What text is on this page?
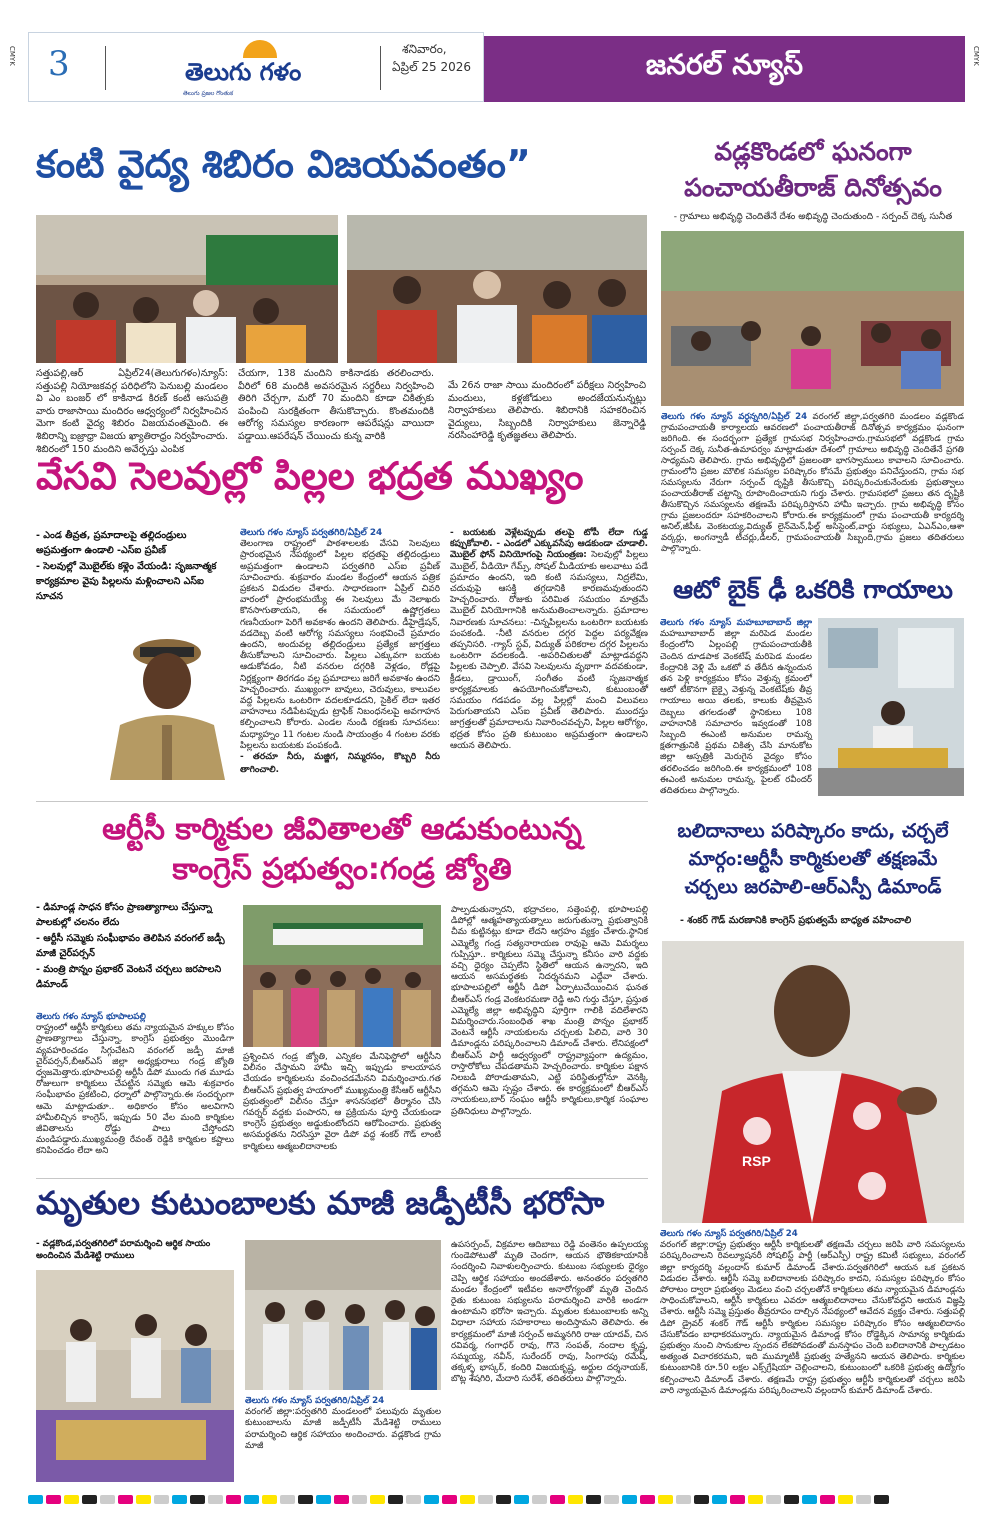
CMYK	CMYK
3	తెలుగు గళం
తెలుగు ప్రజల గొంతుక
శనివారం,
ఏప్రిల్ 25 2026	జనరల్ న్యూస్
కంటి వైద్య శిబిరం విజయవంతం”
సత్తుపల్లి,ఆర్ ఏప్రిల్24(తెలుగుగళం)న్యూస్: సత్తుపల్లి నియోజకవర్గ పరిధిలోని పెనుబల్లి మండలం వి ఎం బంజర్ లో కాకినాడ కిరణ్ కంటి ఆసుపత్రి వారు రాజాసాయి మందిరం ఆధ్వర్యంలో నిర్వహించిన మెగా కంటి వైద్య శిబిరం విజయవంతమైంది. ఈ శిబిరాన్ని ఐజ్రాధ్రా విజయ ఖ్యాతిరాధ్రం నిర్వహించారు. శిబిరంలో 150 మందిని అవేర్ఫస్తు ఎంపిక
చేయగా, 138 మందిని కాకినాడకు తరలించారు. వీరిలో 68 మందికి అవసరమైన సర్జరీలు నిర్వహించి తిరిగి చేర్చగా, మరో 70 మందిని కూడా చికిత్సకు పంపించి సురక్షితంగా తీసుకొచ్చారు. కొంతమందికి ఆరోగ్య సమస్యల కారణంగా ఆపరేషన్లు వాయిదా పడ్డాయి.ఆపరేషన్ చేయించు కున్న వారికి
మే 26న రాజా సాయి మందిరంలో పరీక్షలు నిర్వహించి మందులు, కళ్లజోడులు అందజేయనున్నట్లు నిర్వాహకులు తెలిపారు. శిబిరానికి సహకరించిన వైద్యులు, సిబ్బందికి నిర్వాహకులు జెన్నారెడ్డి నరసింహారెడ్డి కృతజ్ఞతలు తెలిపారు.
వడ్లకొండలో ఘనంగా
పంచాయతీరాజ్ దినోత్సవం
- గ్రామాలు అభివృద్ధి చెందితేనే దేశం అభివృద్ధి చెందుతుంది - సర్పంచ్ దెక్క సునీత
తెలుగు గళం న్యూస్ వర్ధన్నగిరి/ఏప్రిల్ 24 వరంగల్ జిల్లా,పర్వతగిరి మండలం వడ్లకొండ గ్రామపంచాయతీ కార్యాలయ ఆవరణలో పంచాయతీరాజ్ దినోత్సవ కార్యక్రమం ఘనంగా జరిగింది. ఈ సందర్భంగా ప్రత్యేక గ్రామసభ నిర్వహించారు.గ్రామసభలో వడ్లకొండ గ్రామ సర్పంచ్ దెక్క సునీత-ఉమాపర్వం మాట్లాడుతూ దేశంలో గ్రామాలు అభివృద్ధి చెందితేనే ప్రగతి సాధ్యమని తెలిపారు. గ్రామ అభివృద్ధిలో ప్రజలంతా భాగస్వాములు కావాలని సూచించారు. గ్రామంలోని ప్రజల మౌలిక సమస్యల పరిష్కారం కోసమే ప్రభుత్వం పనిచేస్తుందని, గ్రామ సభ సమస్యలను నేరుగా సర్పంచ్ దృష్టికి తీసుకొచ్చి పరిష్కరించుకునేందుకు ప్రభుత్వాలు పంచాయతీరాజ్ చట్టాన్ని రూపొందించాయని గుర్తు చేశారు. గ్రామసభలో ప్రజలు తన దృష్టికి తీసుకొచ్చిన సమస్యలను తక్షణమే పరిష్కరిస్తానని హామీ ఇచ్చారు. గ్రామ అభివృద్ధి కోసం గ్రామ ప్రజలందరూ సహకరించాలని కోరారు.ఈ కార్యక్రమంలో గ్రామ పంచాయతీ కార్యదర్శి అనిల్,జీపీఓ వెంకటయ్య,విద్యుత్ లైన్‌మెన్,ఫీల్డ్ అసిస్టెంట్,వార్డు సభ్యులు, ఏఎన్ఎం,ఆశా వర్కర్లు, అంగన్వాడీ టీచర్లు,డీలర్, గ్రామపంచాయతీ సిబ్బంది,గ్రామ ప్రజలు తదితరులు పాల్గొన్నారు.
వేసవి సెలవుల్లో పిల్లల భద్రత ముఖ్యం
- ఎండ తీవ్రత, ప్రమాదాలపై తల్లిదండ్రులు అప్రమత్తంగా ఉండాలి -ఎస్ఐ ప్రవీణ్
- సెలవుల్లో మొబైల్‌కు కళ్లెం వేయండి: సృజనాత్మక కార్యక్రమాల వైపు పిల్లలను మళ్లించాలని ఎస్ఐ సూచన
తెలుగు గళం న్యూస్ పర్వతగిరి/ఏప్రిల్ 24
తెలంగాణ రాష్ట్రంలో పాఠశాలలకు వేసవి సెలవులు ప్రారంభమైన నేపథ్యంలో పిల్లల భద్రతపై తల్లిదండ్రులు అప్రమత్తంగా ఉండాలని పర్వతగిరి ఎస్ఐ ప్రవీణ్ సూచించారు. శుక్రవారం మండల కేంద్రంలో ఆయన పత్రిక ప్రకటన విడుదల చేశారు. సాధారణంగా ఏప్రిల్ చివరి వారంలో ప్రారంభమయ్యే ఈ సెలవులు మే నెలాఖరు కొనసాగుతాయని, ఈ సమయంలో ఉష్ణోగ్రతలు గణనీయంగా పెరిగే అవకాశం ఉందని తెలిపారు. డీహైడ్రేషన్, వడదెబ్బ వంటి ఆరోగ్య సమస్యలు సంభవించే ప్రమాదం ఉందని, అందువల్ల తల్లిదండ్రులు ప్రత్యేక జాగ్రత్తలు తీసుకోవాలని సూచించారు. పిల్లలు ఎక్కువగా బయట ఆడుకోవడం, నీటి వనరుల దగ్గరికి వెళ్లడం, రోడ్లపై నిర్లక్ష్యంగా తిరగడం వల్ల ప్రమాదాలు జరిగే అవకాశం ఉందని హెచ్చరించారు. ముఖ్యంగా బావులు, చెరువులు, కాలువల వద్ద పిల్లలను ఒంటరిగా వదలకూడదని, సైకిల్ లేదా ఇతర వాహనాలు నడిపేటప్పుడు ట్రాఫిక్ నిబంధనలపై అవగాహన కల్పించాలని కోరారు. ఎండల నుండి రక్షణకు సూచనలు: మధ్యాహ్నం 11 గంటల నుండి సాయంత్రం 4 గంటల వరకు పిల్లలను బయటకు పంపకండి.
- తరచూ నీరు, మజ్జిగ, నిమ్మరసం, కొబ్బరి నీరు తాగించాలి.
- బయటకు వెళ్లేటప్పుడు తలపై టోపీ లేదా గుడ్డ కప్పుకోవాలి. - ఎండలో ఎక్కువసేపు ఆడకుండా చూడాలి. మొబైల్ ఫోన్ వినియోగంపై నియంత్రణ: సెలవుల్లో పిల్లలు మొబైల్, వీడియో గేమ్స్, సోషల్ మీడియాకు అలవాటు పడే ప్రమాదం ఉందని, ఇది కంటి సమస్యలు, నిద్రలేమి, చదువుపై ఆసక్తి తగ్గడానికి కారణమవుతుందని హెచ్చరించారు. రోజుకు పరిమిత సమయం మాత్రమే మొబైల్ వినియోగానికి అనుమతించాలన్నారు. ప్రమాదాల నివారణకు సూచనలు: -చిన్నపిల్లలను ఒంటరిగా బయటకు పంపకండి. -నీటి వనరుల దగ్గర పెద్దల పర్యవేక్షణ తప్పనిసరి. -గ్యాస్ స్టవ్, విద్యుత్ పరికరాల దగ్గర పిల్లలను ఒంటరిగా వదలకండి. -అపరిచితులతో మాట్లాడవద్దని పిల్లలకు చెప్పాలి. వేసవి సెలవులను వృథాగా వదవకుండా, క్రీడలు, డ్రాయింగ్, సంగీతం వంటి సృజనాత్మక కార్యక్రమాలకు ఉపయోగించుకోవాలని, కుటుంబంతో సమయం గడపడం వల్ల పిల్లల్లో మంచి విలువలు పెరుగుతాయని ఎస్ఐ ప్రవీణ్ తెలిపారు. ముందస్తు జాగ్రత్తలతో ప్రమాదాలను నివారించవచ్చని, పిల్లల ఆరోగ్యం, భద్రత కోసం ప్రతి కుటుంబం అప్రమత్తంగా ఉండాలని ఆయన తెలిపారు.
ఆటో బైక్ ఢీ ఒకరికి గాయాలు
తెలుగు గళం న్యూస్ మహబూబాబాద్ జిల్లా మహబూబాబాద్ జిల్లా మరిపెడ మండల కేంద్రంలోని ఏల్లంపల్లి గ్రామపంచాయతీకి చెందిన దూడపాక వెంకటేష్ మరిపెడ మండల కేంద్రానికి వెళ్లి మే ఒకటో వ తేదీన ఉన్నందున తన పెళ్లి కార్యక్రమం కోసం వెళ్తున్న క్రమంలో ఆటో టీకొనగా బైక్పై వెళ్తున్న వెంకటేష్‌కు తీవ్ర గాయాలు అయి తలకు, కాలుకు తీవ్రమైన దెబ్బలు తగలడంతో స్థానికులు 108 వాహనానికి సమాచారం ఇవ్వడంతో 108 సిబ్బంది ఈఎంటి అనుమల రామన్న క్షతగాత్రునికి ప్రథమ చికిత్స చేసి మానుకోట జిల్లా ఆస్పత్రికి మెరుగైన వైద్యం కోసం తరలించడం జరిగింది.ఈ కార్యక్రమంలో 108 ఈఎంటి అనుమల రామన్న, పైలట్ రవీందర్ తదితరులు పాల్గొన్నారు.
ఆర్టీసీ కార్మికుల జీవితాలతో ఆడుకుంటున్న
కాంగ్రెస్ ప్రభుత్వం:గండ్ర జ్యోతి
- డిమాండ్ల సాధన కోసం ప్రాణత్యాగాలు చేస్తున్నా పాలకుల్లో చలనం లేదు
- ఆర్టీసీ సమ్మెకు సంఘీభావం తెలిపిన వరంగల్ జడ్పీ మాజీ చైర్‌పర్సన్
- మంత్రి పొన్నం ప్రభాకర్ వెంటనే చర్చలు జరపాలని డిమాండ్
తెలుగు గళం న్యూస్ భూపాలపల్లి
రాష్ట్రంలో ఆర్టీసీ కార్మికులు తమ న్యాయమైన హక్కుల కోసం ప్రాణత్యాగాలు చేస్తున్నా, కాంగ్రెస్ ప్రభుత్వం మొండిగా వ్యవహరించడం సిగ్గుచేటని వరంగల్ జడ్పీ మాజీ చైర్‌పర్సన్,బీఆర్ఎస్ జిల్లా అధ్యక్షురాలు గండ్ర జ్యోతి ధ్వజమెత్తారు.భూపాలపల్లి ఆర్టీసీ డిపో ముందు గత మూడు రోజులుగా కార్మికులు చేపట్టిన సమ్మెకు ఆమె శుక్రవారం సంఘీభావం ప్రకటించి, ధర్నాలో పాల్గొన్నారు.ఈ సందర్భంగా ఆమె మాట్లాడుతూ.. అధికారం కోసం అలవిగాని హామీలిచ్చిన కాంగ్రెస్, ఇప్పుడు 50 వేల మంది కార్మికుల జీవితాలను రోడ్డు పాలు చేస్తోందని మండిపడ్డారు.ముఖ్యమంత్రి రేవంత్ రెడ్డికి కార్మికుల కష్టాలు కనిపించడం లేదా అని
ప్రశ్నించిన గండ్ర జ్యోతి, ఎన్నికల మేనిఫెస్టోలో ఆర్టీసీని విలీనం చేస్తామని హామీ ఇచ్చి ఇప్పుడు కాలయాపన చేయడం కార్మికులను వంచించడమేనని విమర్శించారు.గత బీఆర్ఎస్ ప్రభుత్వ హయాంలో ముఖ్యమంత్రి కేసీఆర్ ఆర్టీసీని ప్రభుత్వంలో విలీనం చేస్తూ శాసనసభలో తీర్మానం చేసి గవర్నర్ వద్దకు పంపారని, ఆ ప్రక్రియను పూర్తి చేయకుండా కాంగ్రెస్ ప్రభుత్వం అడ్డుకుంటోందని ఆరోపించారు. ప్రభుత్వ అసమర్థతను నిరసిస్తూ వైరా డిపో వద్ద శంకర్ గౌడ్ లాంటి కార్మికులు ఆత్మబలిదానాలకు
పాల్పడుతున్నారని, భద్రాచలం, సత్తెంపల్లి, భూపాలపల్లి డిపోల్లో ఆత్మహత్యాయత్నాలు జరుగుతున్నా ప్రభుత్వానికి చీమ కుట్టినట్లు కూడా లేదని ఆగ్రహం వ్యక్తం చేశారు.స్థానిక ఎమ్మెల్యే గండ్ర సత్యనారాయణ రావుపై ఆమె విమర్శలు గుప్పిస్తూ.. కార్మికులు సమ్మె చేస్తున్నా కనీసం వారి వద్దకు వచ్చి ధైర్యం చెప్పలేని స్థితిలో ఆయన ఉన్నారని, ఇది ఆయన అసమర్థతకు నిదర్శనమని ఎద్దేవా చేశారు. భూపాలపల్లిలో ఆర్టీసీ డిపో ఏర్పాటుచేయించిన ఘనత బీఆర్ఎస్ గండ్ర వెంకటరమణా రెడ్డి అని గుర్తు చేస్తూ, ప్రస్తుత ఎమ్మెల్యే జిల్లా అభివృద్ధిని పూర్తిగా గాలికి వదిలేశారని విమర్శించారు.సంబంధిత శాఖ మంత్రి పొన్నం ప్రభాకర్ వెంటనే ఆర్టీసీ నాయకులను చర్చలకు పిలిచి, వారి 30 డిమాండ్లను పరిష్కరించాలని డిమాండ్ చేశారు. లేనిపక్షంలో బీఆర్ఎస్ పార్టీ ఆధ్వర్యంలో రాష్ట్రవ్యాప్తంగా ఉద్యమం, రాస్తారోకోలు చేపడతామని హెచ్చరించారు. కార్మికుల పక్షాన నిలబడి పోరాడుతామని, ఎట్టి పరిస్థితుల్లోనూ వెనక్కి తగ్గమని ఆమె స్పష్టం చేశారు. ఈ కార్యక్రమంలో బీఆర్ఎస్ నాయకులు,బార్ సంఘం ఆర్టీసీ కార్మికులు,కార్మిక సంఘాల ప్రతినిధులు పాల్గొన్నారు.
బలిదానాలు పరిష్కారం కాదు, చర్చలే
మార్గం:ఆర్టీసీ కార్మికులతో తక్షణమే
చర్చలు జరపాలి-ఆర్ఎస్పీ డిమాండ్
- శంకర్ గౌడ్ మరణానికి కాంగ్రెస్ ప్రభుత్వమే బాధ్యత వహించాలి
RSP
తెలుగు గళం న్యూస్ పర్వతగిరి/ఏప్రిల్ 24
వరంగల్ జిల్లా:రాష్ట్ర ప్రభుత్వం ఆర్టీసీ కార్మికులతో తక్షణమే చర్చలు జరిపి వారి సమస్యలను పరిష్కరించాలని రివల్యూషనరీ సోషలిస్ట్ పార్టీ (ఆర్ఎస్పీ) రాష్ట్ర కమిటీ సభ్యులు, వరంగల్ జిల్లా కార్యదర్శి వల్లందాస్ కుమార్ డిమాండ్ చేశారు.పర్వతగిరిలో ఆయన ఒక ప్రకటన విడుదల చేశారు. ఆర్టీసీ సమ్మె బలిదానాలకు పరిష్కారం కాదని, సమస్యల పరిష్కారం కోసం పోరాటం ద్వారా ప్రభుత్వం మెడలు వంచి చర్చలతోనే కార్మికులు తమ న్యాయమైన డిమాండ్లను సాధించుకోవాలని, ఆర్టీసీ కార్మికులు ఎవరూ ఆత్మబలిదానాలు చేసుకోవద్దని ఆయన విజ్ఞప్తి చేశారు. ఆర్టీసీ సమ్మె ప్రస్తుతం తీవ్రరూపం దాల్చిన నేపథ్యంలో ఆవేదన వ్యక్తం చేశారు. సత్తుపల్లి డిపో డ్రైవర్ శంకర్ గౌడ్ ఆర్టీసీ కార్మికుల సమస్యల పరిష్కారం కోసం ఆత్మబలిదానం చేసుకోవడం బాధాకరమన్నారు. న్యాయమైన డిమాండ్ల కోసం రోడ్డెక్కిన సామాన్య కార్మికుడు ప్రభుత్వం నుంచి సానుకూల స్పందన లేకపోవడంతో మనస్తాపం చెంది బలిదానానికి పాల్పడటం అత్యంత విచారకరమని, ఇది ముమ్మాటికీ ప్రభుత్వ హత్యేనని ఆయన తెలిపారు. కార్మికుల కుటుంబానికి రూ.50 లక్షల ఎక్స్‌గ్రేషియా చెల్లించాలని, కుటుంబంలో ఒకరికి ప్రభుత్వ ఉద్యోగం కల్పించాలని డిమాండ్ చేశారు. తక్షణమే రాష్ట్ర ప్రభుత్వం ఆర్టీసీ కార్మికులతో చర్చలు జరిపి వారి న్యాయమైన డిమాండ్లను పరిష్కరించాలని వల్లందాస్ కుమార్ డిమాండ్ చేశారు.
మృతుల కుటుంబాలకు మాజీ జడ్పీటీసీ భరోసా
- వడ్లకొండ,పర్వతగిరిలో పరామర్శించి ఆర్థిక సాయం అందించిన మేడిశెట్టి రాములు
తెలుగు గళం న్యూస్ పర్వతగిరి/ఏప్రిల్ 24
వరంగల్ జిల్లా:పర్వతగిరి మండలంలో పలువురు మృతుల కుటుంబాలను మాజీ జడ్పీటీసీ మేడిశెట్టి రాములు పరామర్శించి ఆర్థిక సహాయం అందించారు. వడ్లకొండ గ్రామ మాజీ
ఉపసర్పంచ్, విక్రమాల ఆదిబాబు రెడ్డి వంతెనం ఉప్పలయ్య గుండెపోటుతో మృతి చెందగా, ఆయన భౌతికకాయానికి సందర్శించి నివాళులర్పించారు. కుటుంబ సభ్యులకు ధైర్యం చెప్పి ఆర్థిక సహాయం అందజేశారు. అనంతరం పర్వతగిరి మండల కేంద్రంలో ఇటీవల అనారోగ్యంతో మృతి చెందిన రైతు కుటుంబ సభ్యులను పరామర్శించి వారికి అండగా ఉంటామని భరోసా ఇచ్చారు. మృతుల కుటుంబాలకు అన్ని విధాలా సహాయ సహకారాలు అందిస్తామని తెలిపారు. ఈ కార్యక్రమంలో మాజీ సర్పంచ్ అమ్మనగిరి రాజు యాదవ్, చిన రవివర్మ, గంగాధర్ రావు, గొనె సంపత్, నందాల కృష్ణ, సమ్మయ్య, నవీన్, సురేందర్ రావు, సింగారపు రమేష్, తక్కళ్ళ భాస్కర్, కందిరి విజయకృష్ణ, అర్జుల దర్శనాయక్, బొట్ల శేషగిరి, మేదారి సురేశ్, తదితరులు పాల్గొన్నారు.
